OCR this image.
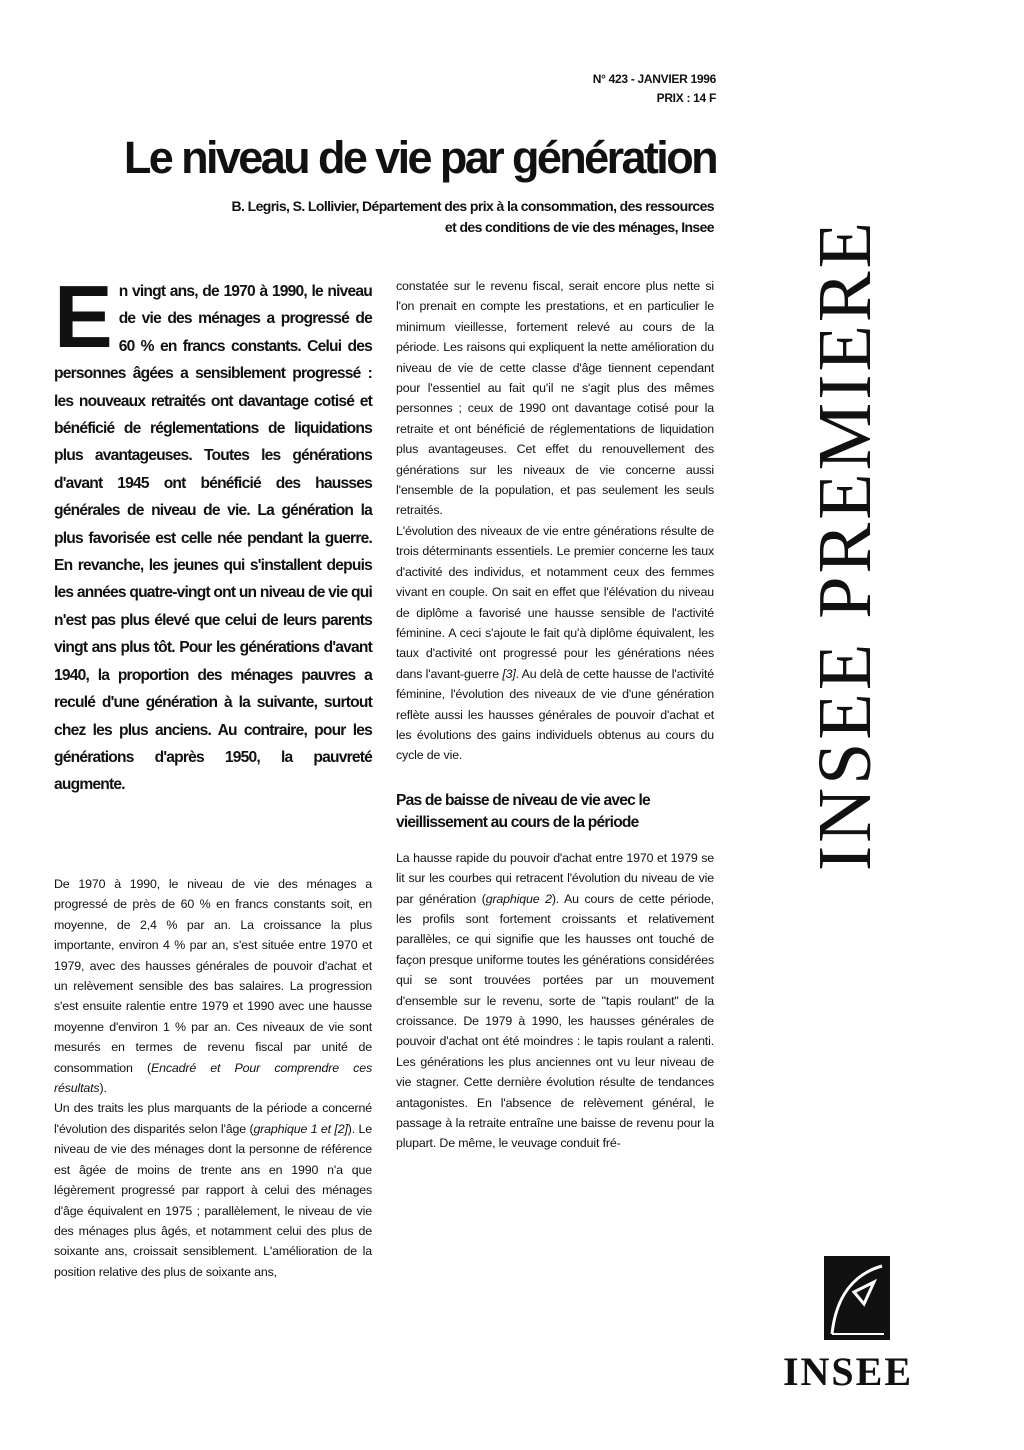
N° 423 - JANVIER 1996
PRIX : 14 F
Le niveau de vie par génération
B. Legris, S. Lollivier, Département des prix à la consommation, des ressources
et des conditions de vie des ménages, Insee

En vingt ans, de 1970 à 1990, le niveau de vie des ménages a progressé de 60 % en francs constants. Celui des personnes âgées a sensiblement progressé : les nouveaux retraités ont davantage cotisé et bénéficié de réglementations de liquidations plus avantageuses. Toutes les générations d'avant 1945 ont bénéficié des hausses générales de niveau de vie. La génération la plus favorisée est celle née pendant la guerre. En revanche, les jeunes qui s'installent depuis les années quatre-vingt ont un niveau de vie qui n'est pas plus élevé que celui de leurs parents vingt ans plus tôt. Pour les générations d'avant 1940, la proportion des ménages pauvres a reculé d'une génération à la suivante, surtout chez les plus anciens. Au contraire, pour les générations d'après 1950, la pauvreté augmente.

De 1970 à 1990, le niveau de vie des ménages a progressé de près de 60 % en francs constants soit, en moyenne, de 2,4 % par an. La croissance la plus importante, environ 4 % par an, s'est située entre 1970 et 1979, avec des hausses générales de pouvoir d'achat et un relèvement sensible des bas salaires. La progression s'est ensuite ralentie entre 1979 et 1990 avec une hausse moyenne d'environ 1 % par an. Ces niveaux de vie sont mesurés en termes de revenu fiscal par unité de consommation (Encadré et Pour comprendre ces résultats).

Un des traits les plus marquants de la période a concerné l'évolution des disparités selon l'âge (graphique 1 et [2]). Le niveau de vie des ménages dont la personne de référence est âgée de moins de trente ans en 1990 n'a que légèrement progressé par rapport à celui des ménages d'âge équivalent en 1975 ; parallèlement, le niveau de vie des ménages plus âgés, et notamment celui des plus de soixante ans, croissait sensiblement. L'amélioration de la position relative des plus de soixante ans,

constatée sur le revenu fiscal, serait encore plus nette si l'on prenait en compte les prestations, et en particulier le minimum vieillesse, fortement relevé au cours de la période. Les raisons qui expliquent la nette amélioration du niveau de vie de cette classe d'âge tiennent cependant pour l'essentiel au fait qu'il ne s'agit plus des mêmes personnes ; ceux de 1990 ont davantage cotisé pour la retraite et ont bénéficié de réglementations de liquidation plus avantageuses. Cet effet du renouvellement des générations sur les niveaux de vie concerne aussi l'ensemble de la population, et pas seulement les seuls retraités.

L'évolution des niveaux de vie entre générations résulte de trois déterminants essentiels. Le premier concerne les taux d'activité des individus, et notamment ceux des femmes vivant en couple. On sait en effet que l'élévation du niveau de diplôme a favorisé une hausse sensible de l'activité féminine. A ceci s'ajoute le fait qu'à diplôme équivalent, les taux d'activité ont progressé pour les générations nées dans l'avant-guerre [3]. Au delà de cette hausse de l'activité féminine, l'évolution des niveaux de vie d'une génération reflète aussi les hausses générales de pouvoir d'achat et les évolutions des gains individuels obtenus au cours du cycle de vie.

Pas de baisse de niveau de vie avec le vieillissement au cours de la période

La hausse rapide du pouvoir d'achat entre 1970 et 1979 se lit sur les courbes qui retracent l'évolution du niveau de vie par génération (graphique 2). Au cours de cette période, les profils sont fortement croissants et relativement parallèles, ce qui signifie que les hausses ont touché de façon presque uniforme toutes les générations considérées qui se sont trouvées portées par un mouvement d'ensemble sur le revenu, sorte de "tapis roulant" de la croissance. De 1979 à 1990, les hausses générales de pouvoir d'achat ont été moindres : le tapis roulant a ralenti. Les générations les plus anciennes ont vu leur niveau de vie stagner. Cette dernière évolution résulte de tendances antagonistes. En l'absence de relèvement général, le passage à la retraite entraîne une baisse de revenu pour la plupart. De même, le veuvage conduit fré-

INSEE PREMIERE
INSEE
